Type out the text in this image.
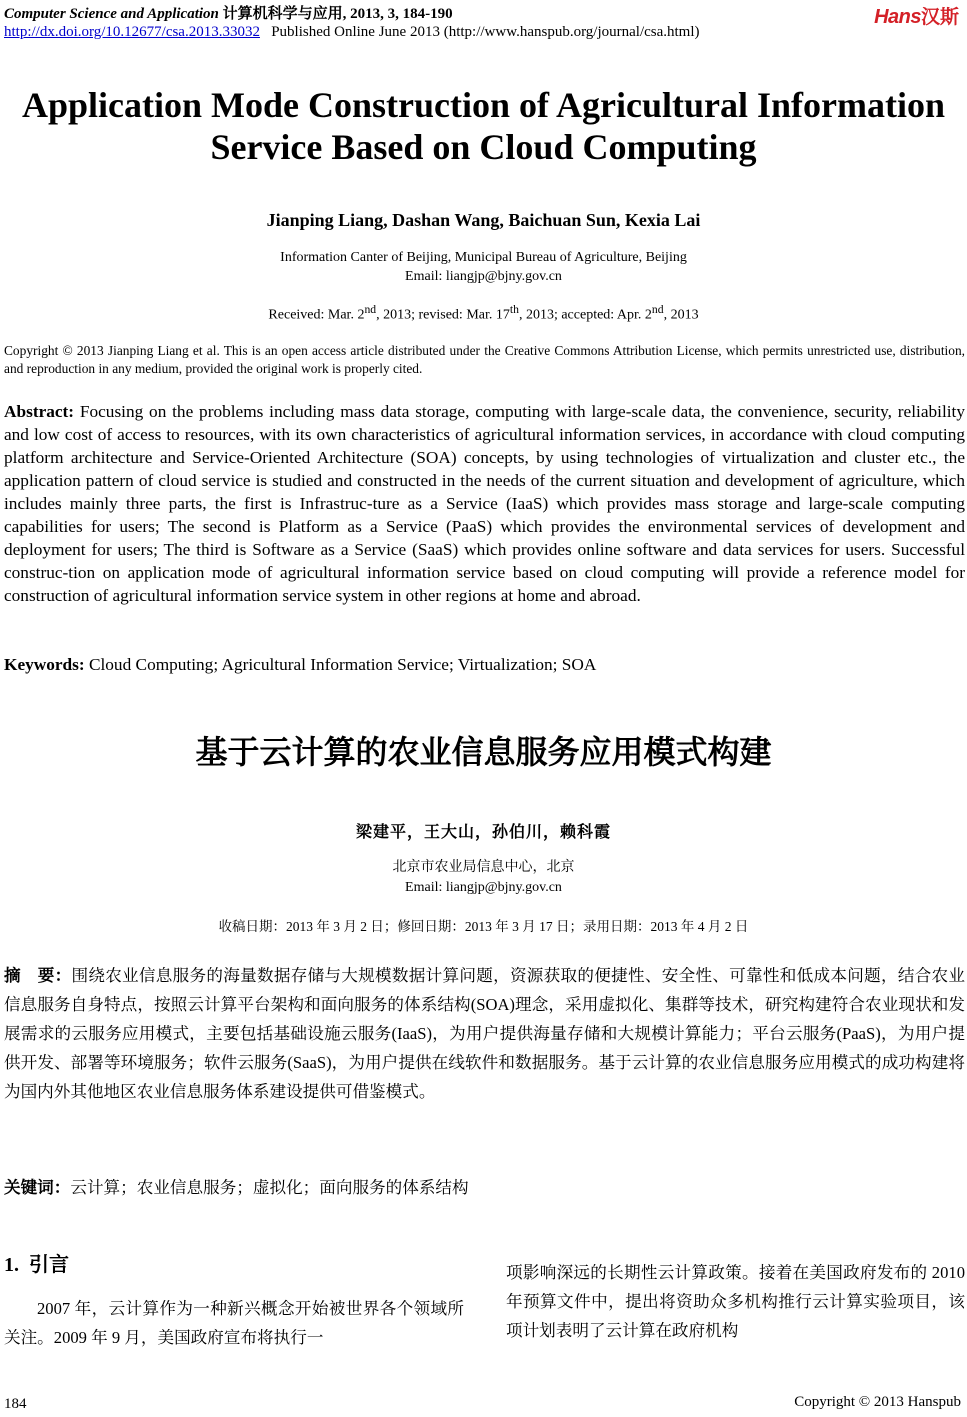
Computer Science and Application 计算机科学与应用, 2013, 3, 184-190
http://dx.doi.org/10.12677/csa.2013.33032 Published Online June 2013 (http://www.hanspub.org/journal/csa.html)
Hans汉斯
Application Mode Construction of Agricultural Information
Service Based on Cloud Computing
Jianping Liang, Dashan Wang, Baichuan Sun, Kexia Lai
Information Canter of Beijing, Municipal Bureau of Agriculture, Beijing
Email: liangjp@bjny.gov.cn
Received: Mar. 2nd, 2013; revised: Mar. 17th, 2013; accepted: Apr. 2nd, 2013
Copyright © 2013 Jianping Liang et al. This is an open access article distributed under the Creative Commons Attribution License, which permits unrestricted use, distribution, and reproduction in any medium, provided the original work is properly cited.
Abstract: Focusing on the problems including mass data storage, computing with large-scale data, the convenience, security, reliability and low cost of access to resources, with its own characteristics of agricultural information services, in accordance with cloud computing platform architecture and Service-Oriented Architecture (SOA) concepts, by using technologies of virtualization and cluster etc., the application pattern of cloud service is studied and constructed in the needs of the current situation and development of agriculture, which includes mainly three parts, the first is Infrastruc-ture as a Service (IaaS) which provides mass storage and large-scale computing capabilities for users; The second is Platform as a Service (PaaS) which provides the environmental services of development and deployment for users; The third is Software as a Service (SaaS) which provides online software and data services for users. Successful construc-tion on application mode of agricultural information service based on cloud computing will provide a reference model for construction of agricultural information service system in other regions at home and abroad.
Keywords: Cloud Computing; Agricultural Information Service; Virtualization; SOA
基于云计算的农业信息服务应用模式构建
梁建平，王大山，孙伯川，赖科霞
北京市农业局信息中心，北京
Email: liangjp@bjny.gov.cn
收稿日期：2013 年 3 月 2 日；修回日期：2013 年 3 月 17 日；录用日期：2013 年 4 月 2 日
摘　要：围绕农业信息服务的海量数据存储与大规模数据计算问题，资源获取的便捷性、安全性、可靠性和低成本问题，结合农业信息服务自身特点，按照云计算平台架构和面向服务的体系结构(SOA)理念，采用虚拟化、集群等技术，研究构建符合农业现状和发展需求的云服务应用模式，主要包括基础设施云服务(IaaS)，为用户提供海量存储和大规模计算能力；平台云服务(PaaS)，为用户提供开发、部署等环境服务；软件云服务(SaaS)，为用户提供在线软件和数据服务。基于云计算的农业信息服务应用模式的成功构建将为国内外其他地区农业信息服务体系建设提供可借鉴模式。
关键词：云计算；农业信息服务；虚拟化；面向服务的体系结构
1. 引言
2007 年，云计算作为一种新兴概念开始被世界各个领域所关注。2009 年 9 月，美国政府宣布将执行一
项影响深远的长期性云计算政策。接着在美国政府发布的 2010 年预算文件中，提出将资助众多机构推行云计算实验项目，该项计划表明了云计算在政府机构
184	Copyright © 2013 Hanspub
